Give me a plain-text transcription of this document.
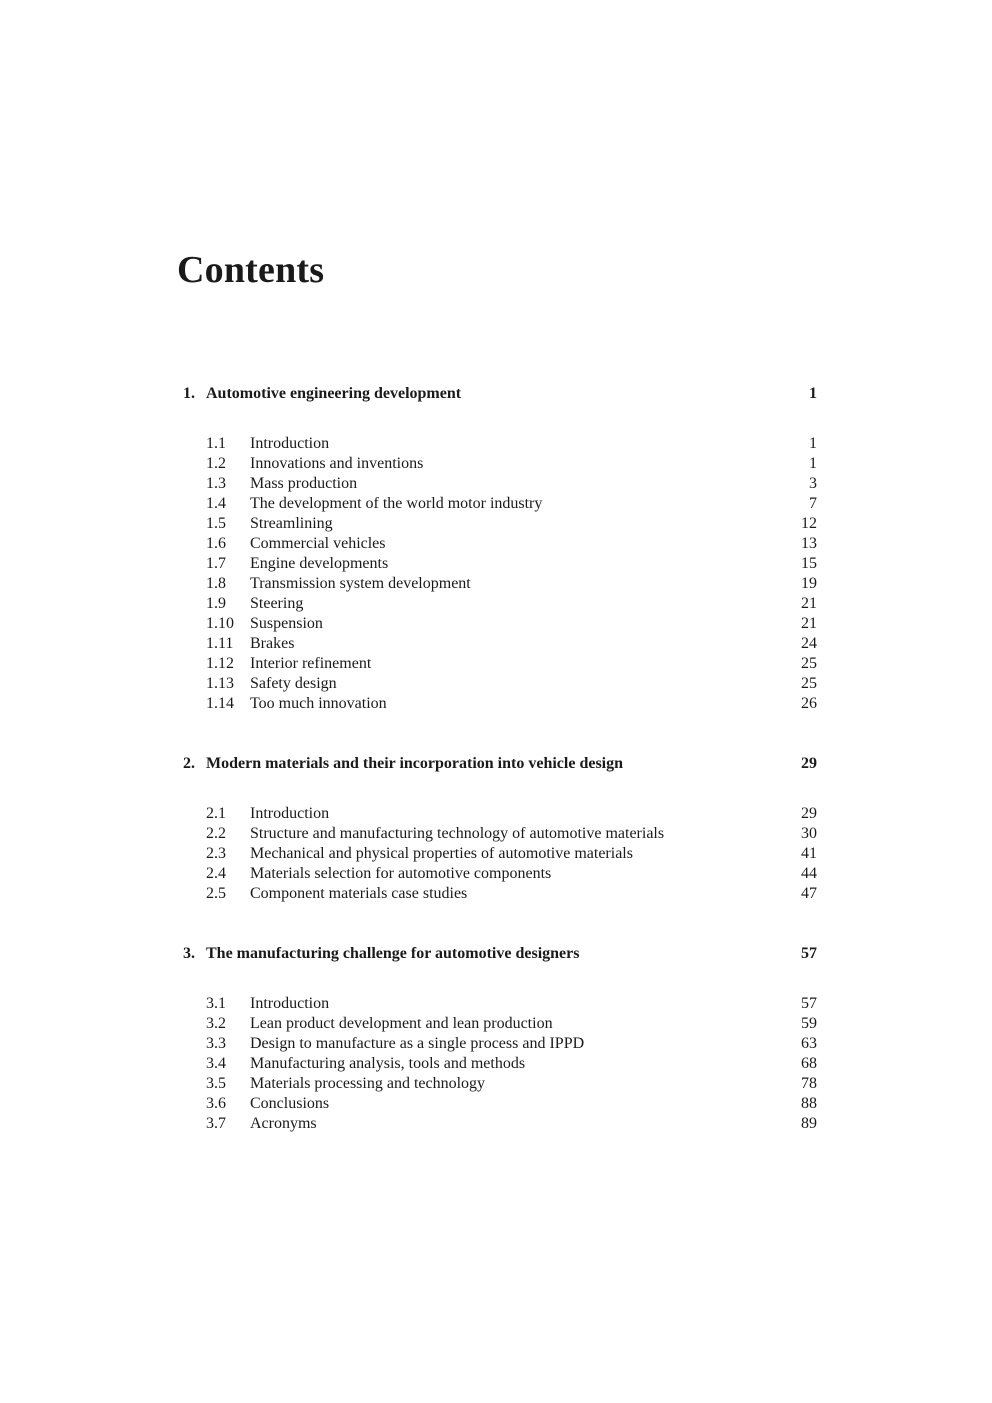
Contents
1. Automotive engineering development	1
1.1	Introduction	1
1.2	Innovations and inventions	1
1.3	Mass production	3
1.4	The development of the world motor industry	7
1.5	Streamlining	12
1.6	Commercial vehicles	13
1.7	Engine developments	15
1.8	Transmission system development	19
1.9	Steering	21
1.10	Suspension	21
1.11	Brakes	24
1.12	Interior refinement	25
1.13	Safety design	25
1.14	Too much innovation	26
2. Modern materials and their incorporation into vehicle design	29
2.1	Introduction	29
2.2	Structure and manufacturing technology of automotive materials	30
2.3	Mechanical and physical properties of automotive materials	41
2.4	Materials selection for automotive components	44
2.5	Component materials case studies	47
3. The manufacturing challenge for automotive designers	57
3.1	Introduction	57
3.2	Lean product development and lean production	59
3.3	Design to manufacture as a single process and IPPD	63
3.4	Manufacturing analysis, tools and methods	68
3.5	Materials processing and technology	78
3.6	Conclusions	88
3.7	Acronyms	89
